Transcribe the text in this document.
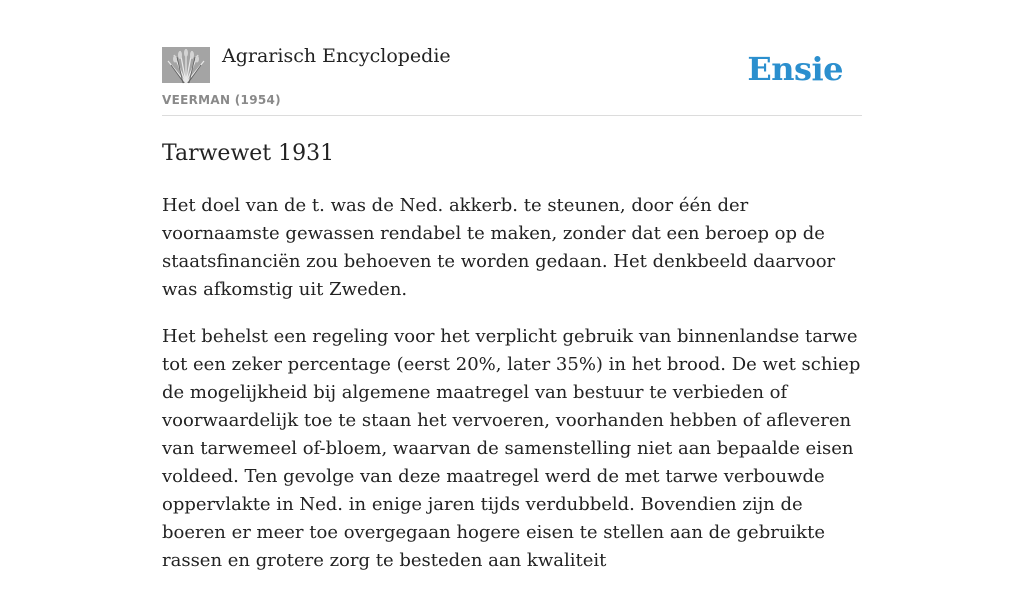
Agrarisch Encyclopedie
VEERMAN (1954)
Ensie
Tarwewet 1931

Het doel van de t. was de Ned. akkerb. te steunen, door één der voornaamste gewassen rendabel te maken, zonder dat een beroep op de staatsfinanciën zou behoeven te worden gedaan. Het denkbeeld daarvoor was afkomstig uit Zweden.

Het behelst een regeling voor het verplicht gebruik van binnenlandse tarwe tot een zeker percentage (eerst 20%, later 35%) in het brood. De wet schiep de mogelijkheid bij algemene maatregel van bestuur te verbieden of voorwaardelijk toe te staan het vervoeren, voorhanden hebben of afleveren van tarwemeel of-bloem, waarvan de samenstelling niet aan bepaalde eisen voldeed. Ten gevolge van deze maatregel werd de met tarwe verbouwde oppervlakte in Ned. in enige jaren tijds verdubbeld. Bovendien zijn de boeren er meer toe overgegaan hogere eisen te stellen aan de gebruikte rassen en grotere zorg te besteden aan kwaliteit
